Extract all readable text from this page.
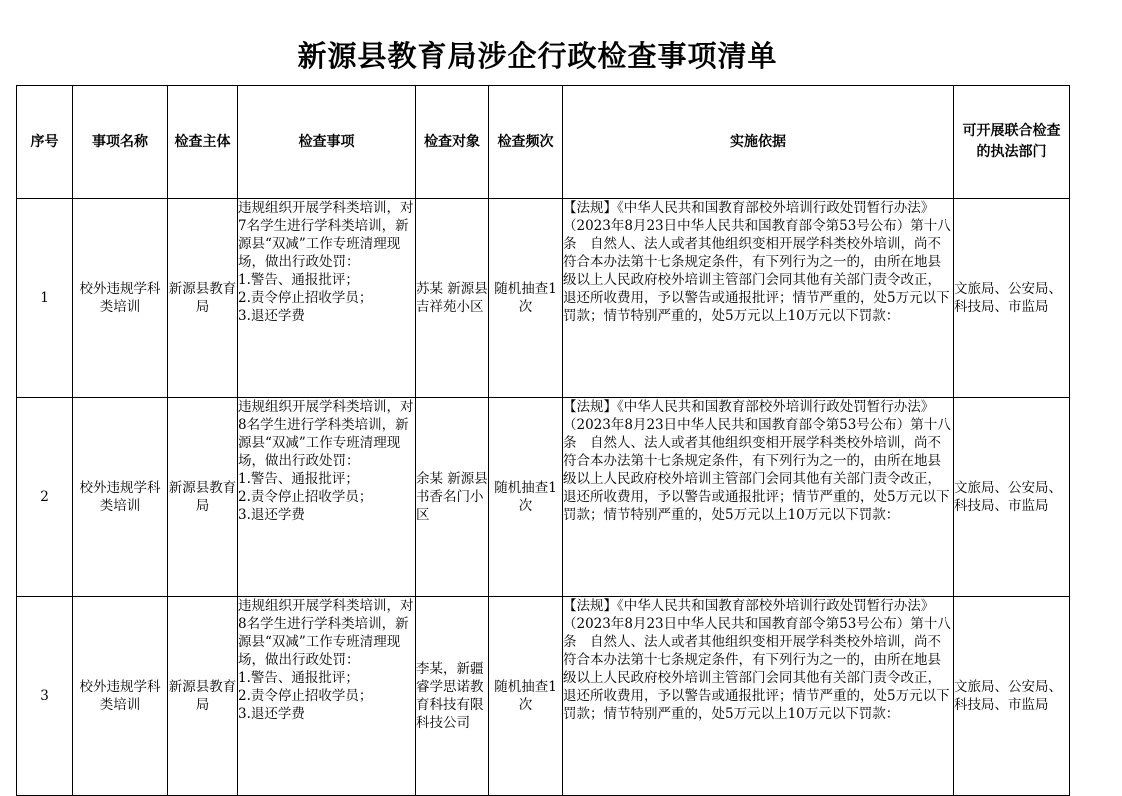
新源县教育局涉企行政检查事项清单
序号	事项名称	检查主体	检查事项	检查对象	检查频次	实施依据	可开展联合检查的执法部门
1	校外违规学科类培训	新源县教育局	违规组织开展学科类培训，对7名学生进行学科类培训，新源县“双减”工作专班清理现场，做出行政处罚：
1.警告、通报批评；
2.责令停止招收学员；
3.退还学费	苏某 新源县吉祥苑小区	随机抽查1次	【法规】《中华人民共和国教育部校外培训行政处罚暂行办法》（2023年8月23日中华人民共和国教育部令第53号公布）第十八条　自然人、法人或者其他组织变相开展学科类校外培训，尚不符合本办法第十七条规定条件，有下列行为之一的，由所在地县级以上人民政府校外培训主管部门会同其他有关部门责令改正，退还所收费用，予以警告或通报批评；情节严重的，处5万元以下罚款；情节特别严重的，处5万元以上10万元以下罚款：	文旅局、公安局、科技局、市监局
2	校外违规学科类培训	新源县教育局	违规组织开展学科类培训，对8名学生进行学科类培训，新源县“双减”工作专班清理现场，做出行政处罚：
1.警告、通报批评；
2.责令停止招收学员；
3.退还学费	余某 新源县书香名门小区	随机抽查1次	【法规】《中华人民共和国教育部校外培训行政处罚暂行办法》（2023年8月23日中华人民共和国教育部令第53号公布）第十八条　自然人、法人或者其他组织变相开展学科类校外培训，尚不符合本办法第十七条规定条件，有下列行为之一的，由所在地县级以上人民政府校外培训主管部门会同其他有关部门责令改正，退还所收费用，予以警告或通报批评；情节严重的，处5万元以下罚款；情节特别严重的，处5万元以上10万元以下罚款：	文旅局、公安局、科技局、市监局
3	校外违规学科类培训	新源县教育局	违规组织开展学科类培训，对8名学生进行学科类培训，新源县“双减”工作专班清理现场，做出行政处罚：
1.警告、通报批评；
2.责令停止招收学员；
3.退还学费	李某，新疆睿学思诺教育科技有限科技公司	随机抽查1次	【法规】《中华人民共和国教育部校外培训行政处罚暂行办法》（2023年8月23日中华人民共和国教育部令第53号公布）第十八条　自然人、法人或者其他组织变相开展学科类校外培训，尚不符合本办法第十七条规定条件，有下列行为之一的，由所在地县级以上人民政府校外培训主管部门会同其他有关部门责令改正，退还所收费用，予以警告或通报批评；情节严重的，处5万元以下罚款；情节特别严重的，处5万元以上10万元以下罚款：	文旅局、公安局、科技局、市监局
